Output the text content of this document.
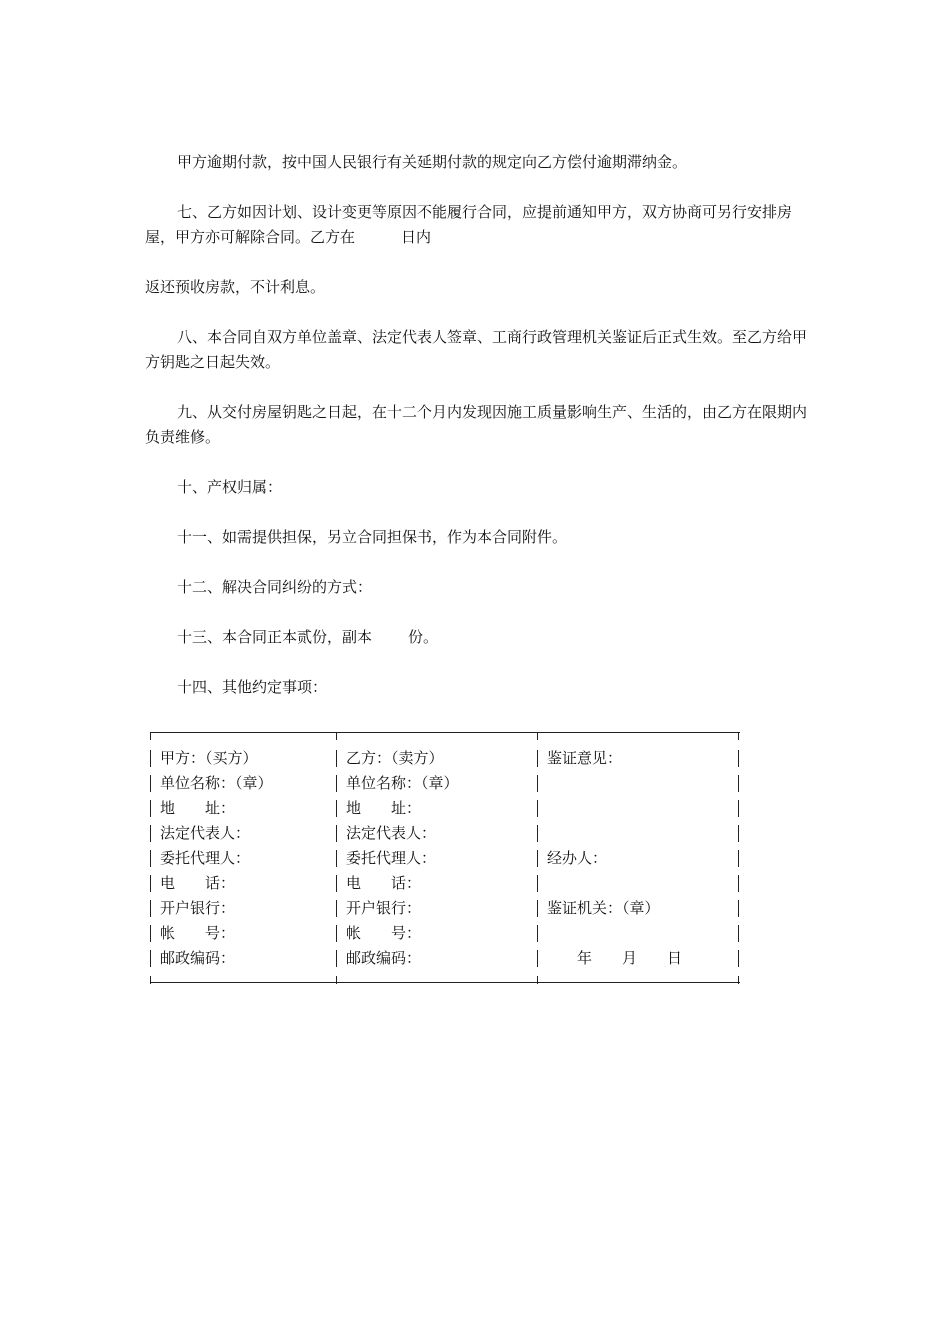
甲方逾期付款，按中国人民银行有关延期付款的规定向乙方偿付逾期滞纳金。

七、乙方如因计划、设计变更等原因不能履行合同，应提前通知甲方，双方协商可另行安排房屋，甲方亦可解除合同。乙方在	日内

返还预收房款，不计利息。

八、本合同自双方单位盖章、法定代表人签章、工商行政管理机关鉴证后正式生效。至乙方给甲方钥匙之日起失效。

九、从交付房屋钥匙之日起，在十二个月内发现因施工质量影响生产、生活的，由乙方在限期内负责维修。

十、产权归属：

十一、如需提供担保，另立合同担保书，作为本合同附件。

十二、解决合同纠纷的方式：

十三、本合同正本贰份，副本 份。

十四、其他约定事项：

甲方：（买方）	乙方：（卖方）	鉴证意见：
单位名称：（章）	单位名称：（章）
地　　址：	地　　址：
法定代表人：	法定代表人：
委托代理人：	委托代理人：	经办人：
电　　话：	电　　话：
开户银行：	开户银行：	鉴证机关：（章）
帐　　号：	帐　　号：
邮政编码：	邮政编码：	　　年　　月　　日
